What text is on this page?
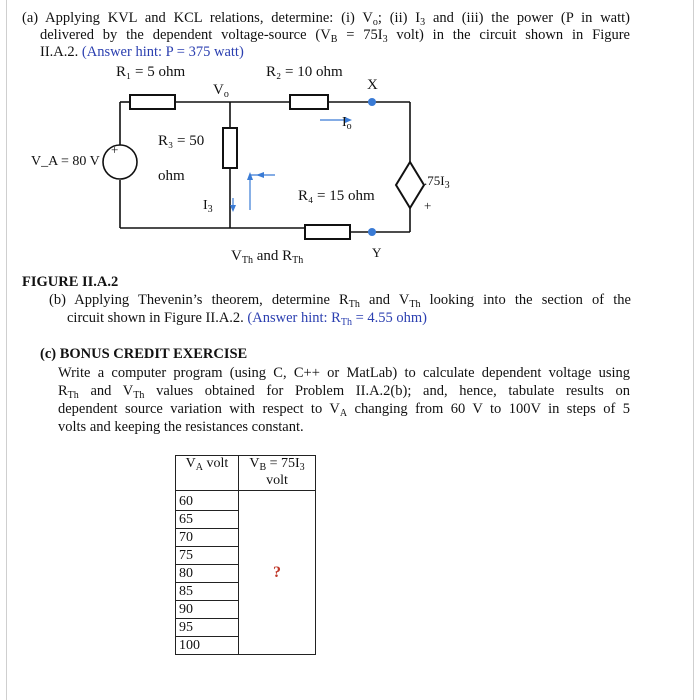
(a) Applying KVL and KCL relations, determine: (i) $V_o$; (ii) $I_3$ and (iii) the power (P in watt)
delivered by the dependent voltage-source ($V_B = 75I_3$ volt) in the circuit shown in Figure
II.A.2. (Answer hint: P = 375 watt)
R₁ = 5 ohm	R₂ = 10 ohm
$V_o$
X
$I_o$
R₃ = 50
ohm
V_A = 80 V
+
$.75I_3$
+
$I_3$
R₄ = 15 ohm
Y
$V_{Th}$ and $R_{Th}$
FIGURE II.A.2
(b) Applying Thevenin’s theorem, determine $R_{Th}$ and $V_{Th}$ looking into the section of the
circuit shown in Figure II.A.2. (Answer hint: $R_{Th} = 4.55$ ohm)
(c) BONUS CREDIT EXERCISE
Write a computer program (using C, C++ or MatLab) to calculate dependent voltage using
$R_{Th}$ and $V_{Th}$ values obtained for Problem II.A.2(b); and, hence, tabulate results on
dependent source variation with respect to $V_A$ changing from 60 V to 100V in steps of 5
volts and keeping the resistances constant.
$V_A$ volt	$V_B = 75I_3$
volt

60	?
65	
70	
75	
80	
85	
90	
95	
100	
